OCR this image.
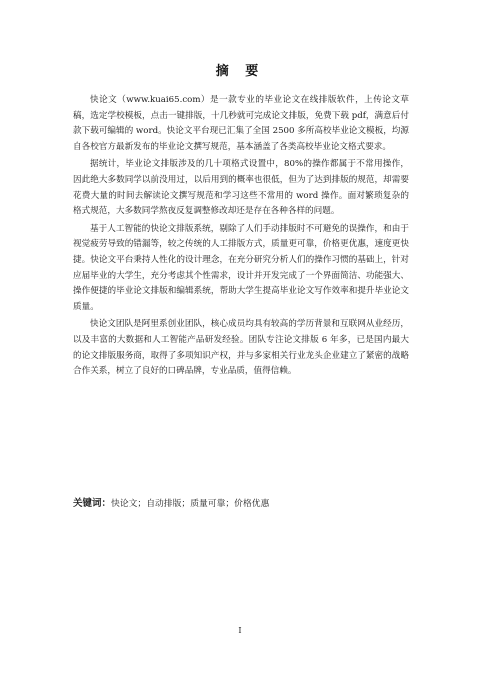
摘 要

快论文（www.kuai65.com）是一款专业的毕业论文在线排版软件，上传论文草稿，选定学校模板，点击一键排版，十几秒就可完成论文排版，免费下载 pdf，满意后付款下载可编辑的 word。快论文平台现已汇集了全国 2500 多所高校毕业论文模板，均源自各校官方最新发布的毕业论文撰写规范，基本涵盖了各类高校毕业论文格式要求。

据统计，毕业论文排版涉及的几十项格式设置中，80%的操作都属于不常用操作，因此绝大多数同学以前没用过，以后用到的概率也很低，但为了达到排版的规范，却需要花费大量的时间去解读论文撰写规范和学习这些不常用的 word 操作。面对繁琐复杂的格式规范，大多数同学熬夜反复调整修改却还是存在各种各样的问题。

基于人工智能的快论文排版系统，剔除了人们手动排版时不可避免的误操作，和由于视觉疲劳导致的错漏等，较之传统的人工排版方式，质量更可靠，价格更优惠，速度更快捷。快论文平台秉持人性化的设计理念，在充分研究分析人们的操作习惯的基础上，针对应届毕业的大学生，充分考虑其个性需求，设计并开发完成了一个界面简洁、功能强大、操作便捷的毕业论文排版和编辑系统，帮助大学生提高毕业论文写作效率和提升毕业论文质量。

快论文团队是阿里系创业团队，核心成员均具有较高的学历背景和互联网从业经历，以及丰富的大数据和人工智能产品研发经验。团队专注论文排版 6 年多，已是国内最大的论文排版服务商，取得了多项知识产权，并与多家相关行业龙头企业建立了紧密的战略合作关系，树立了良好的口碑品牌，专业品质，值得信赖。

关键词：快论文；自动排版；质量可靠；价格优惠
I
